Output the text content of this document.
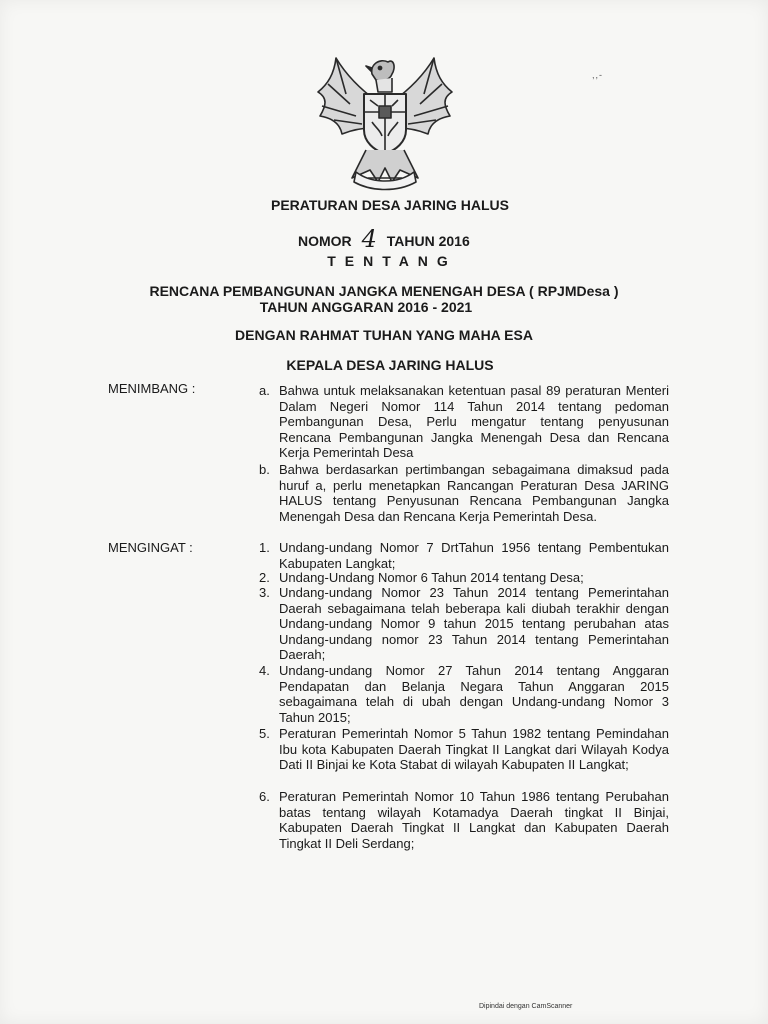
,,-
PERATURAN DESA JARING HALUS
NOMOR 4 TAHUN 2016
TENTANG
RENCANA PEMBANGUNAN JANGKA MENENGAH DESA ( RPJMDesa )
TAHUN ANGGARAN 2016 - 2021
DENGAN RAHMAT TUHAN YANG MAHA ESA
KEPALA DESA JARING HALUS
MENIMBANG :	a. Bahwa untuk melaksanakan ketentuan pasal 89 peraturan Menteri Dalam Negeri Nomor 114 Tahun 2014 tentang pedoman Pembangunan Desa, Perlu mengatur tentang penyusunan Rencana Pembangunan Jangka Menengah Desa dan Rencana Kerja Pemerintah Desa
b. Bahwa berdasarkan pertimbangan sebagaimana dimaksud pada huruf a, perlu menetapkan Rancangan Peraturan Desa JARING HALUS tentang Penyusunan Rencana Pembangunan Jangka Menengah Desa dan Rencana Kerja Pemerintah Desa.
MENGINGAT :	1. Undang-undang Nomor 7 DrtTahun 1956 tentang Pembentukan Kabupaten Langkat;
2. Undang-Undang Nomor 6 Tahun 2014 tentang Desa;
3. Undang-undang Nomor 23 Tahun 2014 tentang Pemerintahan Daerah sebagaimana telah beberapa kali diubah terakhir dengan Undang-undang Nomor 9 tahun 2015 tentang perubahan atas Undang-undang nomor 23 Tahun 2014 tentang Pemerintahan Daerah;
4. Undang-undang Nomor 27 Tahun 2014 tentang Anggaran Pendapatan dan Belanja Negara Tahun Anggaran 2015 sebagaimana telah di ubah dengan Undang-undang Nomor 3 Tahun 2015;
5. Peraturan Pemerintah Nomor 5 Tahun 1982 tentang Pemindahan Ibu kota Kabupaten Daerah Tingkat II Langkat dari Wilayah Kodya Dati II Binjai ke Kota Stabat di wilayah Kabupaten II Langkat;
6. Peraturan Pemerintah Nomor 10 Tahun 1986 tentang Perubahan batas tentang wilayah Kotamadya Daerah tingkat II Binjai, Kabupaten Daerah Tingkat II Langkat dan Kabupaten Daerah Tingkat II Deli Serdang;
Dipindai dengan CamScanner
